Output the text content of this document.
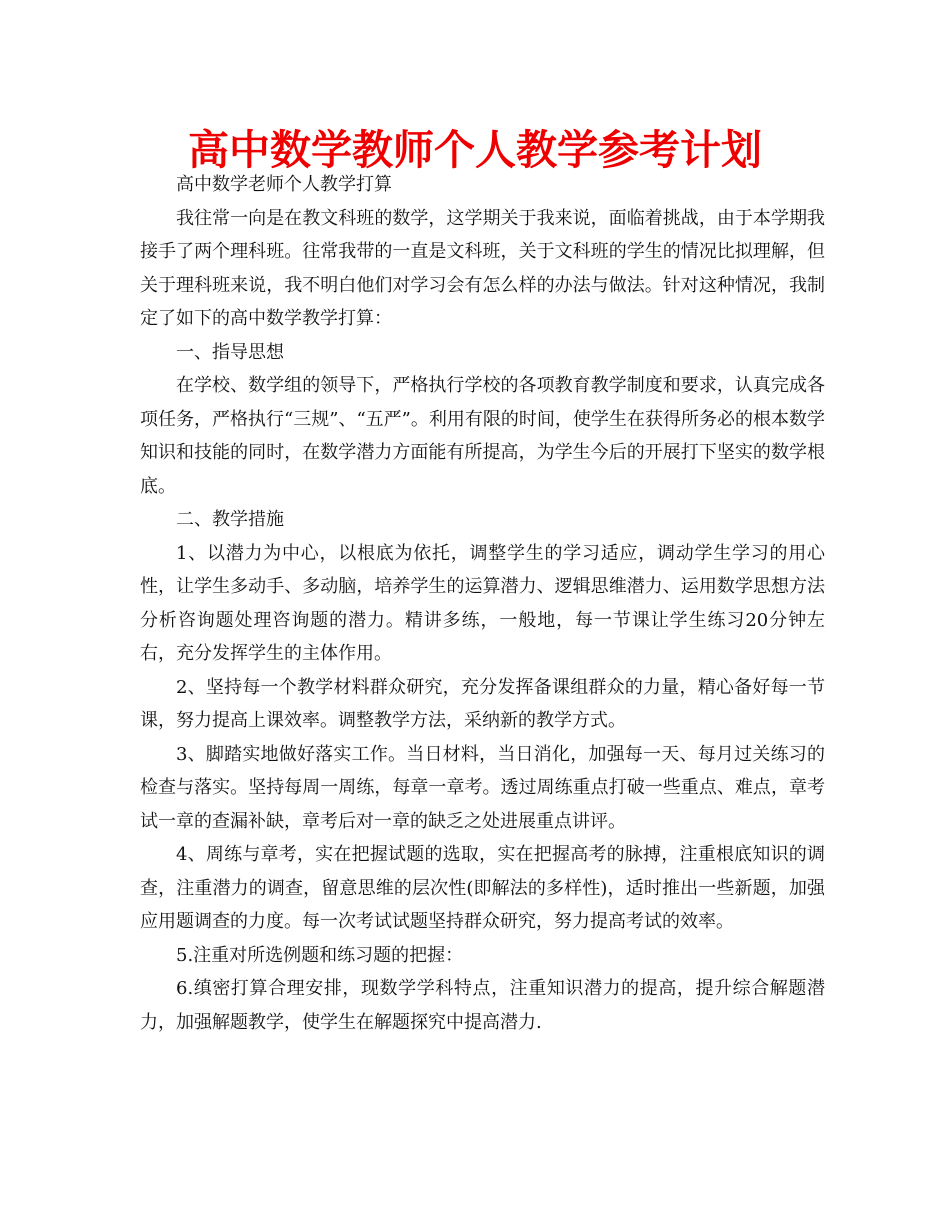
高中数学教师个人教学参考计划

高中数学老师个人教学打算

我往常一向是在教文科班的数学，这学期关于我来说，面临着挑战，由于本学期我接手了两个理科班。往常我带的一直是文科班，关于文科班的学生的情况比拟理解，但关于理科班来说，我不明白他们对学习会有怎么样的办法与做法。针对这种情况，我制定了如下的高中数学教学打算：

一、指导思想

在学校、数学组的领导下，严格执行学校的各项教育教学制度和要求，认真完成各项任务，严格执行“三规”、“五严”。利用有限的时间，使学生在获得所务必的根本数学知识和技能的同时，在数学潜力方面能有所提高，为学生今后的开展打下坚实的数学根底。

二、教学措施

1、以潜力为中心，以根底为依托，调整学生的学习适应，调动学生学习的用心性，让学生多动手、多动脑，培养学生的运算潜力、逻辑思维潜力、运用数学思想方法分析咨询题处理咨询题的潜力。精讲多练，一般地，每一节课让学生练习20分钟左右，充分发挥学生的主体作用。

2、坚持每一个教学材料群众研究，充分发挥备课组群众的力量，精心备好每一节课，努力提高上课效率。调整教学方法，采纳新的教学方式。

3、脚踏实地做好落实工作。当日材料，当日消化，加强每一天、每月过关练习的检查与落实。坚持每周一周练，每章一章考。透过周练重点打破一些重点、难点，章考试一章的查漏补缺，章考后对一章的缺乏之处进展重点讲评。

4、周练与章考，实在把握试题的选取，实在把握高考的脉搏，注重根底知识的调查，注重潜力的调查，留意思维的层次性(即解法的多样性)，适时推出一些新题，加强应用题调查的力度。每一次考试试题坚持群众研究，努力提高考试的效率。

5.注重对所选例题和练习题的把握：

6.缜密打算合理安排，现数学学科特点，注重知识潜力的提高，提升综合解题潜力，加强解题教学，使学生在解题探究中提高潜力.
